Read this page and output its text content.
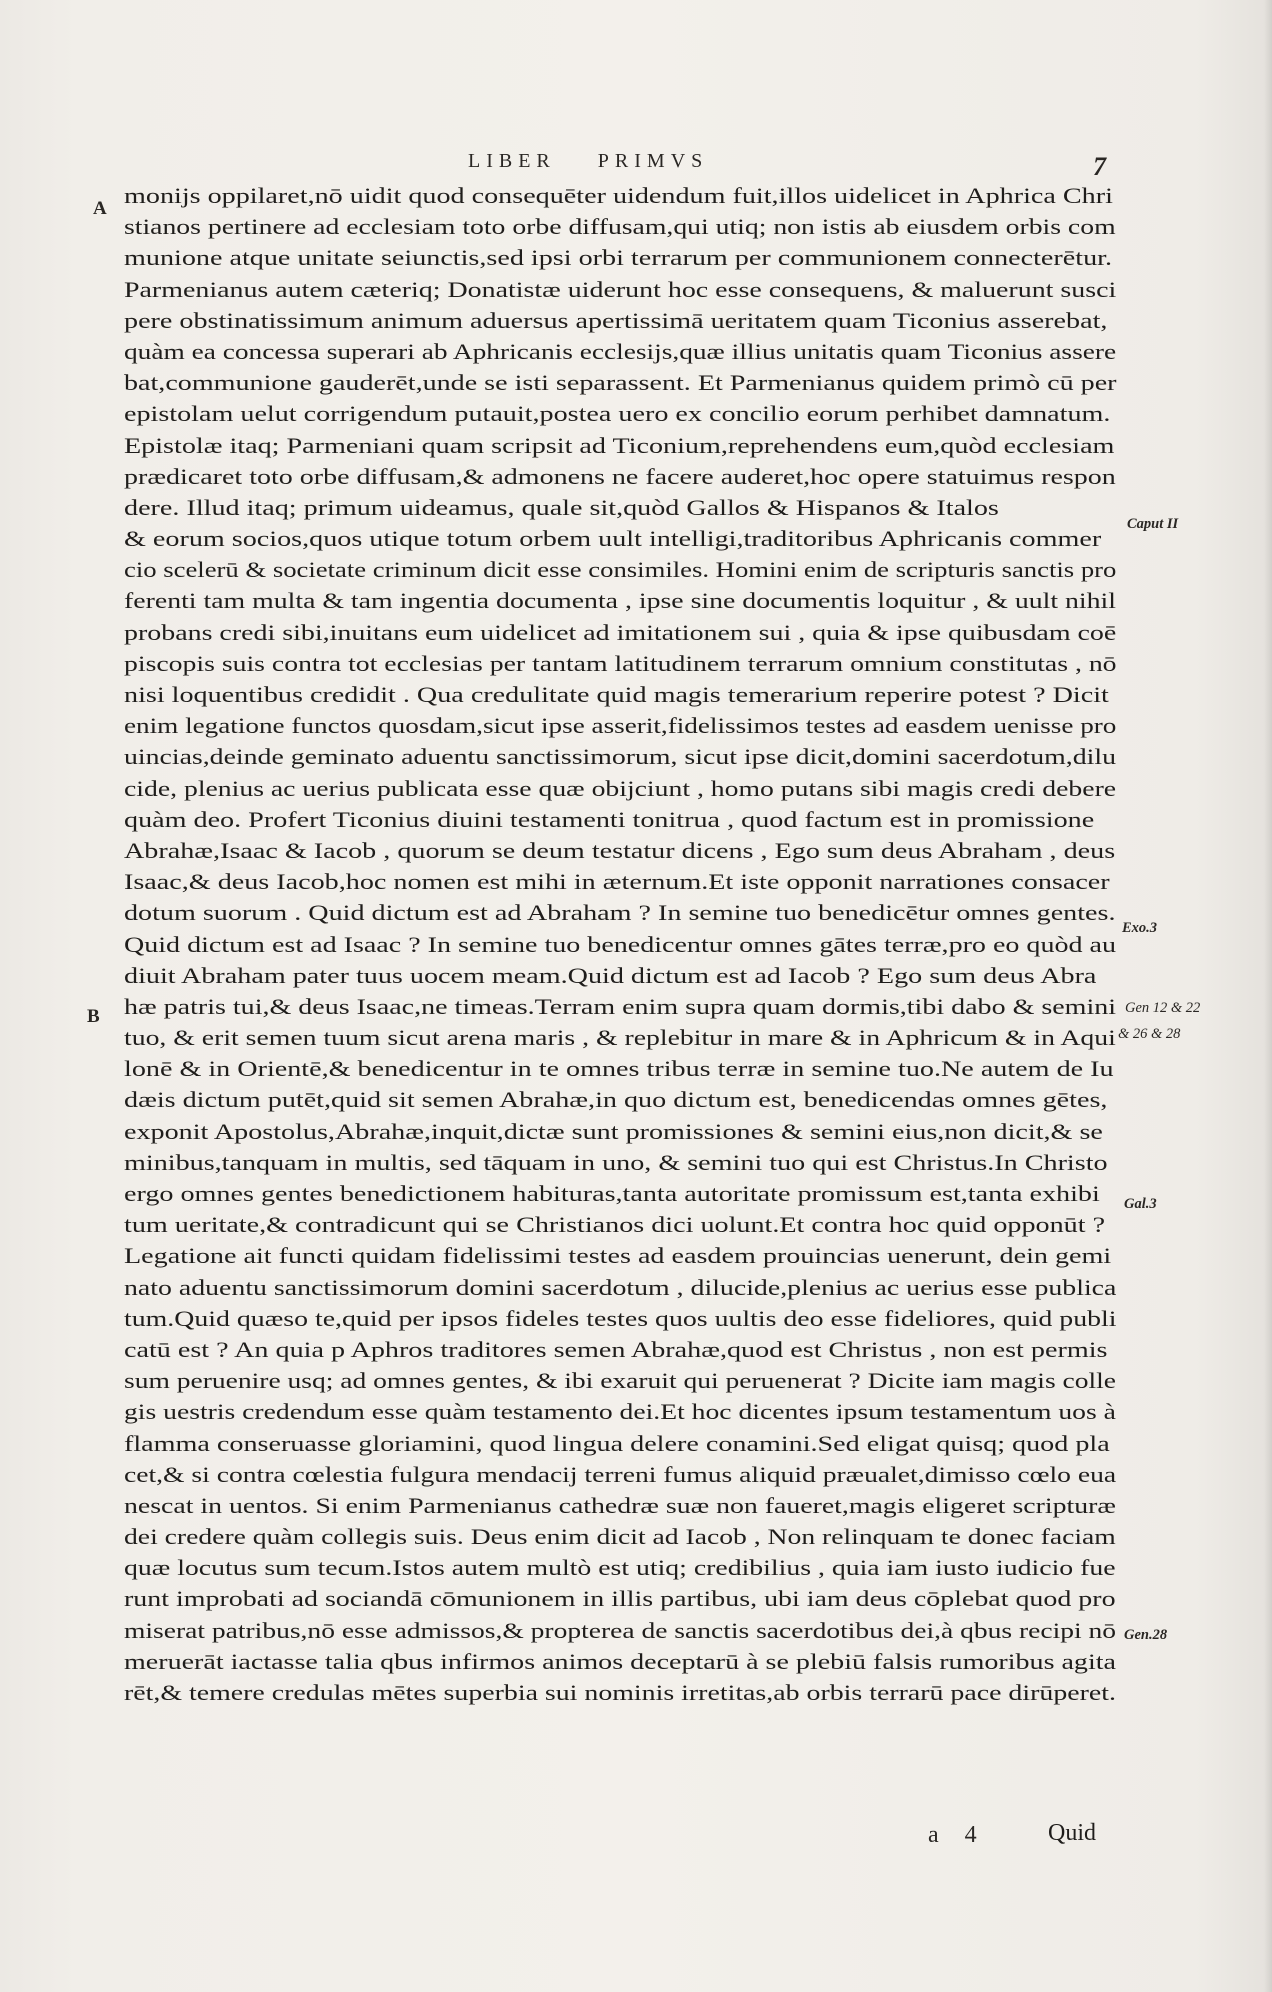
LIBER PRIMVS	7
A
B
Caput II
Exo.3
Gen 12 & 22
& 26 & 28
Gal.3
Gen.28
monijs oppilaret,nō uidit quod consequēter uidendum fuit,illos uidelicet in Aphrica Chri
stianos pertinere ad ecclesiam toto orbe diffusam,qui utiq; non istis ab eiusdem orbis com
munione atque unitate seiunctis,sed ipsi orbi terrarum per communionem connecterētur.
Parmenianus autem cæteriq; Donatistæ uiderunt hoc esse consequens, & maluerunt susci
pere obstinatissimum animum aduersus apertissimā ueritatem quam Ticonius asserebat,
quàm ea concessa superari ab Aphricanis ecclesijs,quæ illius unitatis quam Ticonius assere
bat,communione gauderēt,unde se isti separassent. Et Parmenianus quidem primò cū per
epistolam uelut corrigendum putauit,postea uero ex concilio eorum perhibet damnatum.
Epistolæ itaq; Parmeniani quam scripsit ad Ticonium,reprehendens eum,quòd ecclesiam
prædicaret toto orbe diffusam,& admonens ne facere auderet,hoc opere statuimus respon
dere. Illud itaq; primum uideamus, quale sit,quòd Gallos & Hispanos & Italos
& eorum socios,quos utique totum orbem uult intelligi,traditoribus Aphricanis commer
cio scelerū & societate criminum dicit esse consimiles. Homini enim de scripturis sanctis pro
ferenti tam multa & tam ingentia documenta , ipse sine documentis loquitur , & uult nihil
probans credi sibi,inuitans eum uidelicet ad imitationem sui , quia & ipse quibusdam coē
piscopis suis contra tot ecclesias per tantam latitudinem terrarum omnium constitutas , nō
nisi loquentibus credidit . Qua credulitate quid magis temerarium reperire potest ? Dicit
enim legatione functos quosdam,sicut ipse asserit,fidelissimos testes ad easdem uenisse pro
uincias,deinde geminato aduentu sanctissimorum, sicut ipse dicit,domini sacerdotum,dilu
cide, plenius ac uerius publicata esse quæ obijciunt , homo putans sibi magis credi debere
quàm deo. Profert Ticonius diuini testamenti tonitrua , quod factum est in promissione
Abrahæ,Isaac & Iacob , quorum se deum testatur dicens , Ego sum deus Abraham , deus
Isaac,& deus Iacob,hoc nomen est mihi in æternum.Et iste opponit narrationes consacer
dotum suorum . Quid dictum est ad Abraham ? In semine tuo benedicētur omnes gentes.
Quid dictum est ad Isaac ? In semine tuo benedicentur omnes gātes terræ,pro eo quòd au
diuit Abraham pater tuus uocem meam.Quid dictum est ad Iacob ? Ego sum deus Abra
hæ patris tui,& deus Isaac,ne timeas.Terram enim supra quam dormis,tibi dabo & semini
tuo, & erit semen tuum sicut arena maris , & replebitur in mare & in Aphricum & in Aqui
lonē & in Orientē,& benedicentur in te omnes tribus terræ in semine tuo.Ne autem de Iu
dæis dictum putēt,quid sit semen Abrahæ,in quo dictum est, benedicendas omnes gētes,
exponit Apostolus,Abrahæ,inquit,dictæ sunt promissiones & semini eius,non dicit,& se
minibus,tanquam in multis, sed tāquam in uno, & semini tuo qui est Christus.In Christo
ergo omnes gentes benedictionem habituras,tanta autoritate promissum est,tanta exhibi
tum ueritate,& contradicunt qui se Christianos dici uolunt.Et contra hoc quid opponūt ?
Legatione ait functi quidam fidelissimi testes ad easdem prouincias uenerunt, dein gemi
nato aduentu sanctissimorum domini sacerdotum , dilucide,plenius ac uerius esse publica
tum.Quid quæso te,quid per ipsos fideles testes quos uultis deo esse fideliores, quid publi
catū est ? An quia p Aphros traditores semen Abrahæ,quod est Christus , non est permis
sum peruenire usq; ad omnes gentes, & ibi exaruit qui peruenerat ? Dicite iam magis colle
gis uestris credendum esse quàm testamento dei.Et hoc dicentes ipsum testamentum uos à
flamma conseruasse gloriamini, quod lingua delere conamini.Sed eligat quisq; quod pla
cet,& si contra cœlestia fulgura mendacij terreni fumus aliquid præualet,dimisso cœlo eua
nescat in uentos. Si enim Parmenianus cathedræ suæ non faueret,magis eligeret scripturæ
dei credere quàm collegis suis. Deus enim dicit ad Iacob , Non relinquam te donec faciam
quæ locutus sum tecum.Istos autem multò est utiq; credibilius , quia iam iusto iudicio fue
runt improbati ad sociandā cōmunionem in illis partibus, ubi iam deus cōplebat quod pro
miserat patribus,nō esse admissos,& propterea de sanctis sacerdotibus dei,à qbus recipi nō
meruerāt iactasse talia qbus infirmos animos deceptarū à se plebiū falsis rumoribus agita
rēt,& temere credulas mētes superbia sui nominis irretitas,ab orbis terrarū pace dirūperet.
a 4	Quid
